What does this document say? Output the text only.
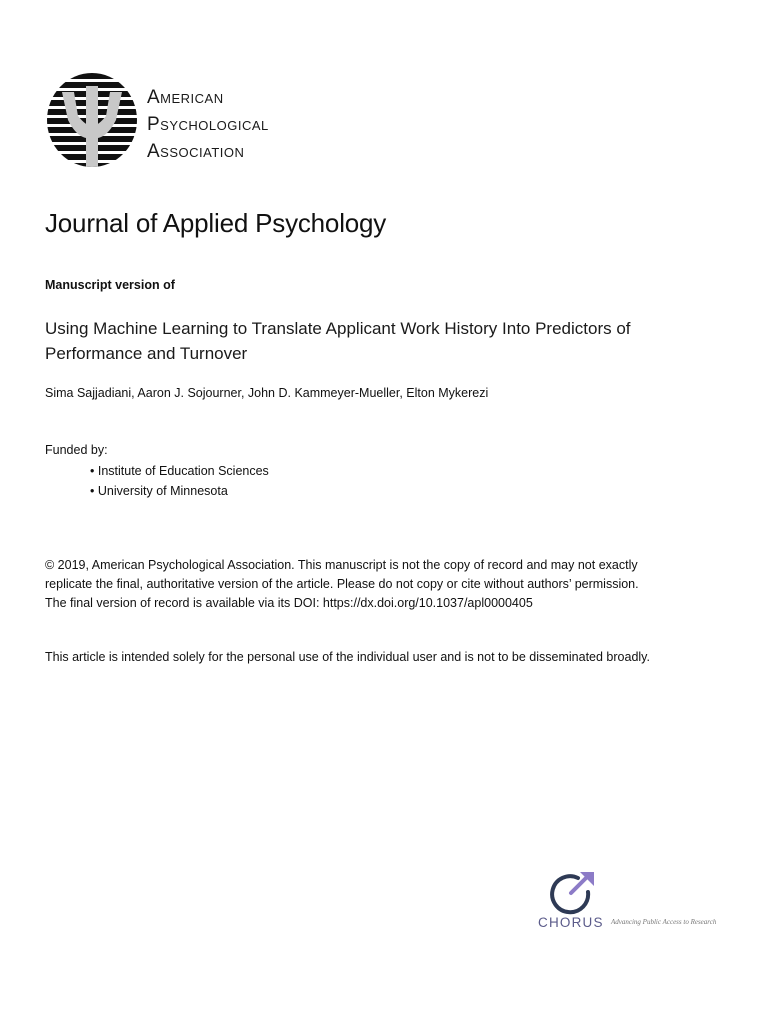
American
Psychological
Association
Journal of Applied Psychology
Manuscript version of
Using Machine Learning to Translate Applicant Work History Into Predictors of Performance and Turnover
Sima Sajjadiani, Aaron J. Sojourner, John D. Kammeyer-Mueller, Elton Mykerezi
Funded by:
• Institute of Education Sciences
• University of Minnesota
© 2019, American Psychological Association. This manuscript is not the copy of record and may not exactly
replicate the final, authoritative version of the article. Please do not copy or cite without authors’ permission.
The final version of record is available via its DOI: https://dx.doi.org/10.1037/apl0000405
This article is intended solely for the personal use of the individual user and is not to be disseminated broadly.
CHORUS Advancing Public Access to Research
